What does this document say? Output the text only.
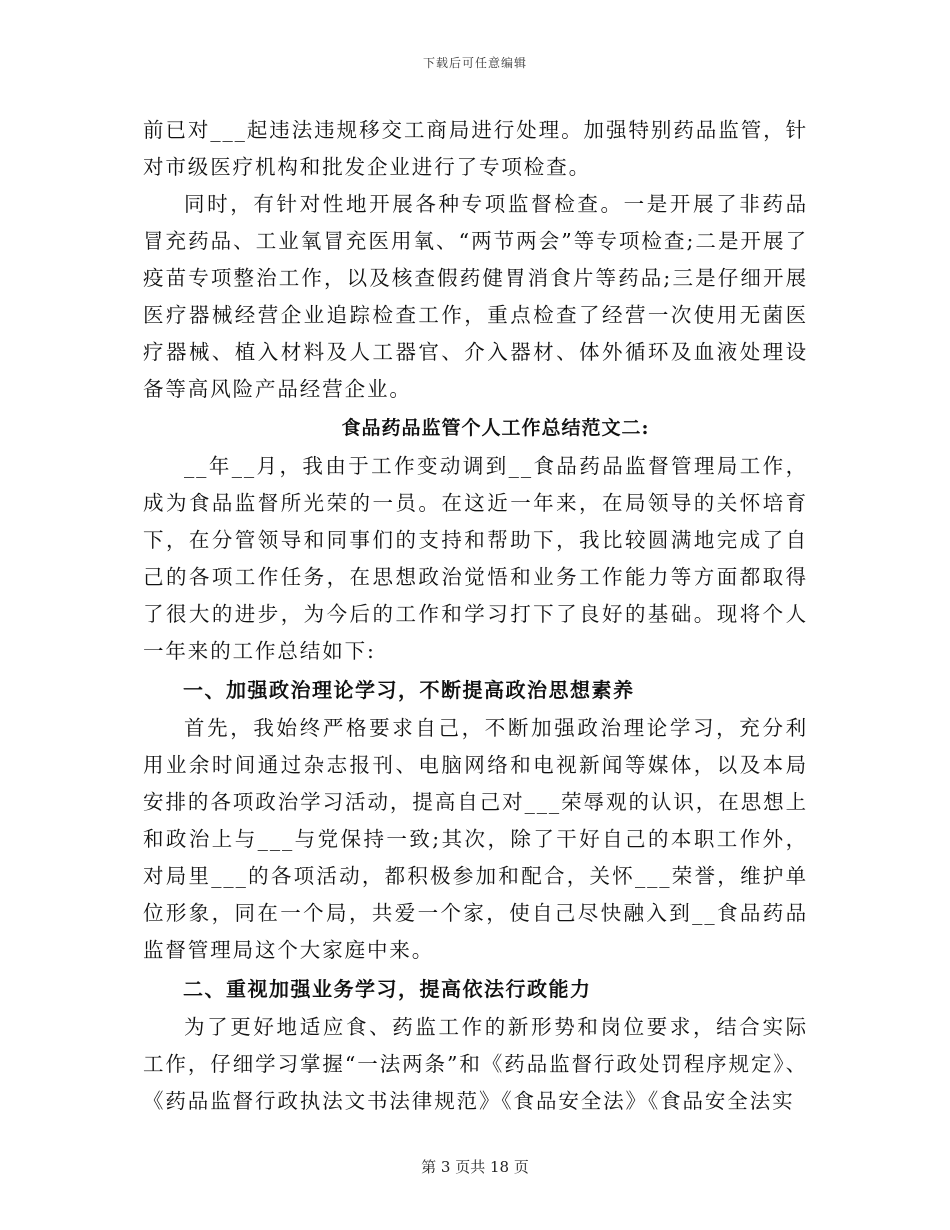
下载后可任意编辑

前已对___起违法违规移交工商局进行处理。加强特别药品监管，针对市级医疗机构和批发企业进行了专项检查。

同时，有针对性地开展各种专项监督检查。一是开展了非药品冒充药品、工业氧冒充医用氧、“两节两会”等专项检查;二是开展了疫苗专项整治工作，以及核查假药健胃消食片等药品;三是仔细开展医疗器械经营企业追踪检查工作，重点检查了经营一次使用无菌医疗器械、植入材料及人工器官、介入器材、体外循环及血液处理设备等高风险产品经营企业。

食品药品监管个人工作总结范文二:

__年__月，我由于工作变动调到__食品药品监督管理局工作，成为食品监督所光荣的一员。在这近一年来，在局领导的关怀培育下，在分管领导和同事们的支持和帮助下，我比较圆满地完成了自己的各项工作任务，在思想政治觉悟和业务工作能力等方面都取得了很大的进步，为今后的工作和学习打下了良好的基础。现将个人一年来的工作总结如下:

一、加强政治理论学习，不断提高政治思想素养

首先，我始终严格要求自己，不断加强政治理论学习，充分利用业余时间通过杂志报刊、电脑网络和电视新闻等媒体，以及本局安排的各项政治学习活动，提高自己对___荣辱观的认识，在思想上和政治上与___与党保持一致;其次，除了干好自己的本职工作外，对局里___的各项活动，都积极参加和配合，关怀___荣誉，维护单位形象，同在一个局，共爱一个家，使自己尽快融入到__食品药品监督管理局这个大家庭中来。

二、重视加强业务学习，提高依法行政能力

为了更好地适应食、药监工作的新形势和岗位要求，结合实际工作，仔细学习掌握“一法两条”和《药品监督行政处罚程序规定》、《药品监督行政执法文书法律规范》《食品安全法》《食品安全法实

第 3 页共 18 页
